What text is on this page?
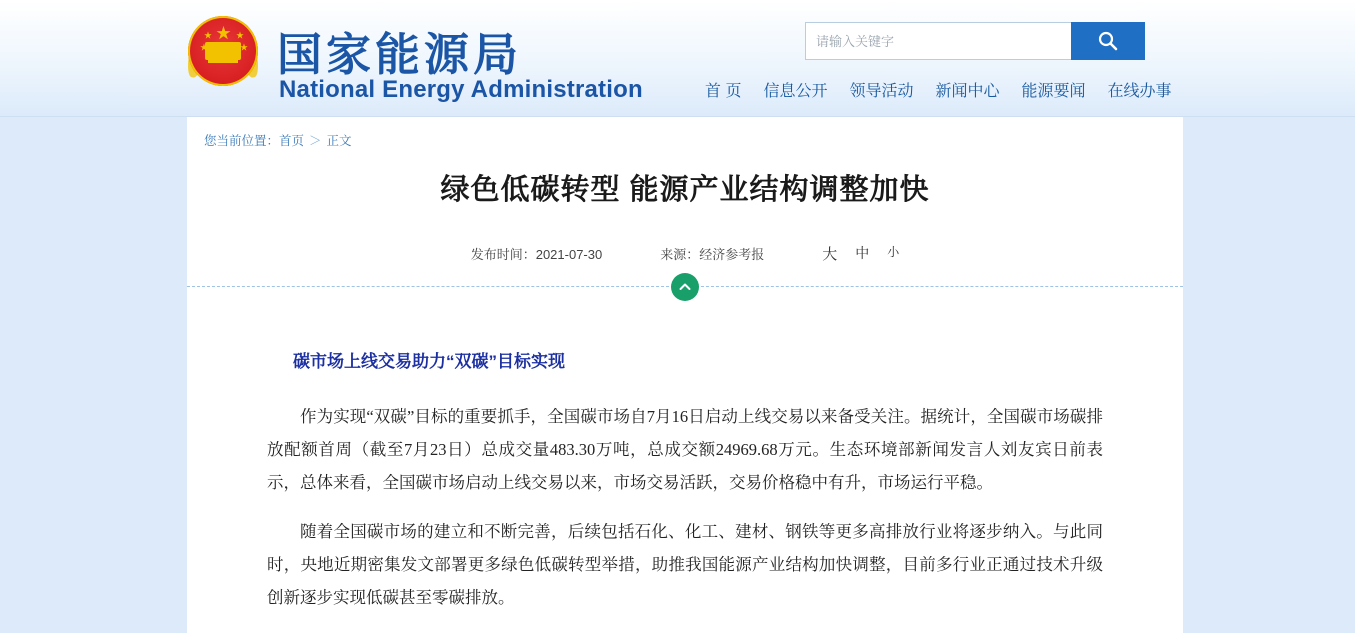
★
★	★
★	★ 国家能源局
National Energy Administration
请输入关键字	首 页 信息公开 领导活动 新闻中心 能源要闻 在线办事
您当前位置：首页 ＞ 正文
绿色低碳转型 能源产业结构调整加快
发布时间：2021-07-30	来源：经济参考报	大 中 小
碳市场上线交易助力“双碳”目标实现

作为实现“双碳”目标的重要抓手，全国碳市场自7月16日启动上线交易以来备受关注。据统计，全国碳市场碳排放配额首周（截至7月23日）总成交量483.30万吨，总成交额24969.68万元。生态环境部新闻发言人刘友宾日前表示，总体来看，全国碳市场启动上线交易以来，市场交易活跃，交易价格稳中有升，市场运行平稳。

随着全国碳市场的建立和不断完善，后续包括石化、化工、建材、钢铁等更多高排放行业将逐步纳入。与此同时，央地近期密集发文部署更多绿色低碳转型举措，助推我国能源产业结构加快调整，目前多行业正通过技术升级创新逐步实现低碳甚至零碳排放。
